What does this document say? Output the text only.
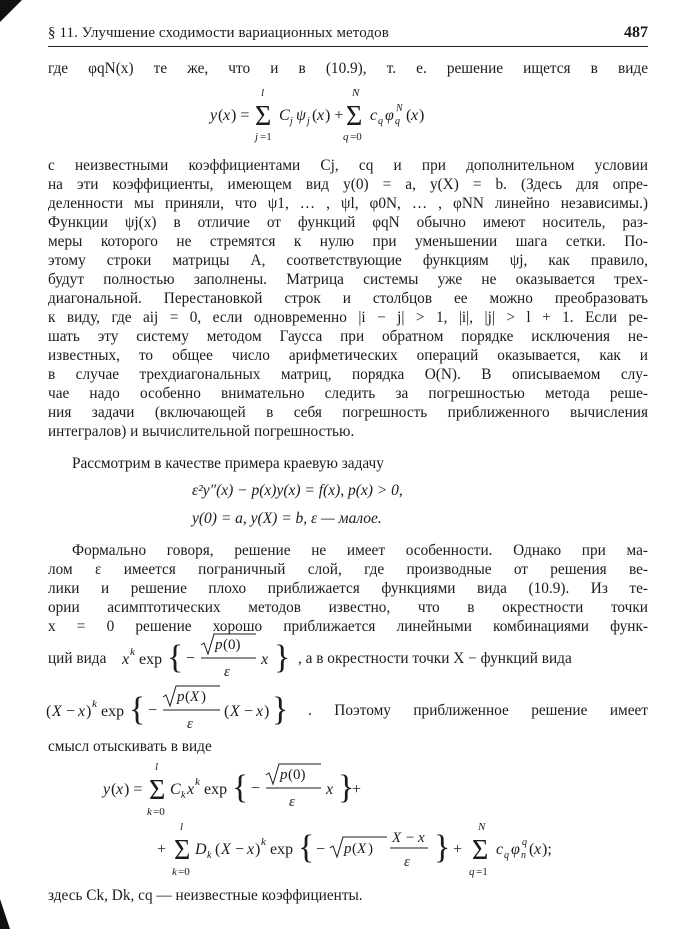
§ 11. Улучшение сходимости вариационных методов	487
где φqN(x) те же, что и в (10.9), т. е. решение ищется в виде
y ( x ) =
l
Σ
j =1
C j ψ j ( x ) +
N
Σ
q =0
c q φ q
N ( x )
с неизвестными коэффициентами Cj, cq и при дополнительном условии
на эти коэффициенты, имеющем вид y(0) = a, y(X) = b. (Здесь для опре-
деленности мы приняли, что ψ1, … , ψl, φ0N, … , φNN линейно независимы.)
Функции ψj(x) в отличие от функций φqN обычно имеют носитель, раз-
меры которого не стремятся к нулю при уменьшении шага сетки. По-
этому строки матрицы A, соответствующие функциям ψj, как правило,
будут полностью заполнены. Матрица системы уже не оказывается трех-
диагональной. Перестановкой строк и столбцов ее можно преобразовать
к виду, где aij = 0, если одновременно |i − j| > 1, |i|, |j| > l + 1. Если ре-
шать эту систему методом Гаусса при обратном порядке исключения не-
известных, то общее число арифметических операций оказывается, как и
в случае трехдиагональных матриц, порядка O(N). В описываемом слу-
чае надо особенно внимательно следить за погрешностью метода реше-
ния задачи (включающей в себя погрешность приближенного вычисления
интегралов) и вычислительной погрешностью.
Рассмотрим в качестве примера краевую задачу
ε²y″(x) − p(x)y(x) = f(x), p(x) > 0,
y(0) = a, y(X) = b, ε — малое.
Формально говоря, решение не имеет особенности. Однако при ма-
лом ε имеется пограничный слой, где производные от решения ве-
лики и решение плохо приближается функциями вида (10.9). Из те-
ории асимптотических методов известно, что в окрестности точки
x = 0 решение хорошо приближается линейными комбинациями функ-
ций вида x k exp { −
p (0)
ε
x } , а в окрестности точки X − функций вида
( X − x ) k exp { −
p ( X )
ε
( X − x ) } . Поэтому приближенное решение имеет
смысл отыскивать в виде
y ( x ) =
l
Σ
k =0
C k x k exp { −
p (0)
ε
x }
+
+
l
Σ
k =0
D k ( X − x ) k exp { − p ( X )
X − x
ε } +
N
Σ
q =1
c q φ n
q ( x );
здесь Ck, Dk, cq — неизвестные коэффициенты.
